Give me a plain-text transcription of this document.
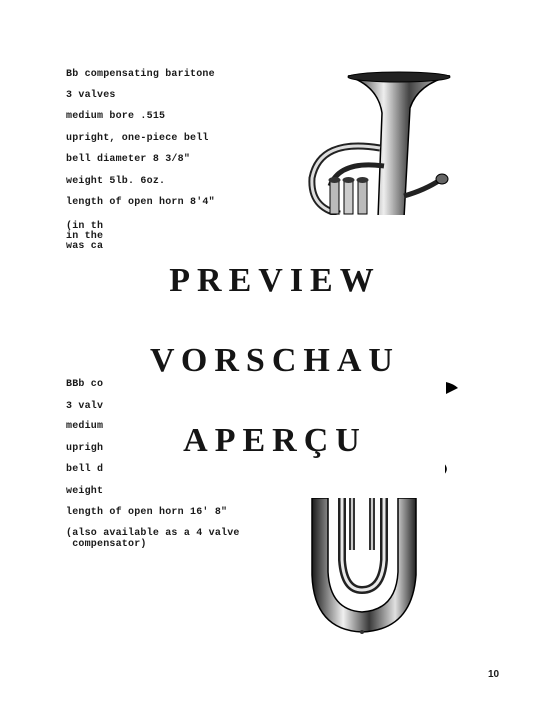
Bb compensating baritone
3 valves
medium bore .515
upright, one-piece bell
bell diameter 8 3/8"
weight 5lb. 6oz.
length of open horn 8'4"
(in th
in the
was ca
BBb co
3 valv
medium
uprigh
bell d
weight
length of open horn 16' 8"
(also available as a 4 valve
compensator)
PREVIEW
VORSCHAU
APERÇU
10
